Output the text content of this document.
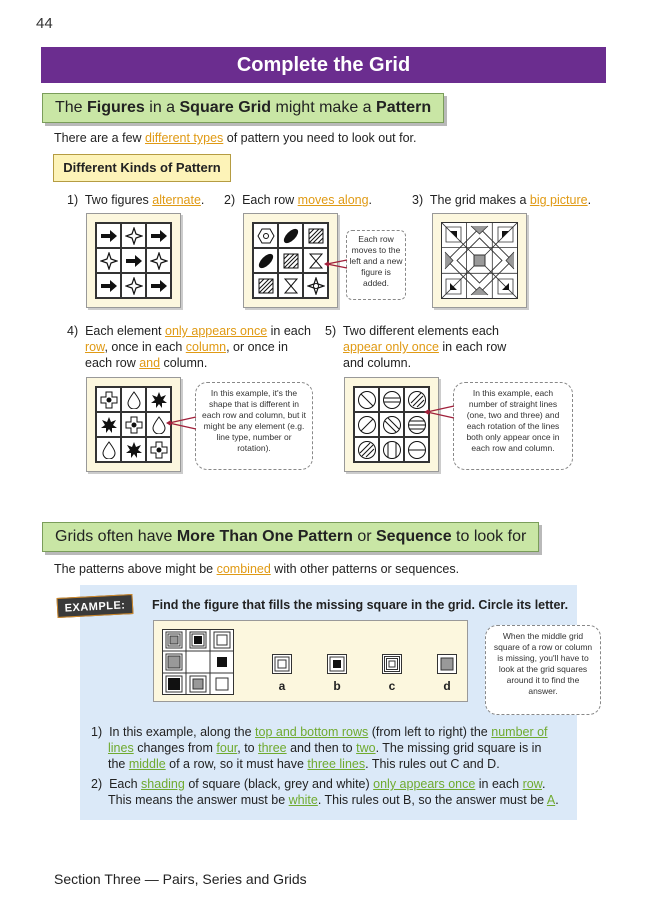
44
Complete the Grid
The Figures in a Square Grid might make a Pattern
There are a few different types of pattern you need to look out for.
Different Kinds of Pattern
1) Two figures alternate. 2) Each row moves along.	3) The grid makes a big picture.
Each row moves to the left and a new figure is added.
4) Each element only appears once in each
row, once in each column, or once in
each row and column.
5) Two different elements each
appear only once in each row
and column.
In this example, it's the shape that is different in each row and column, but it might be any element (e.g. line type, number or rotation).
In this example, each number of straight lines (one, two and three) and each rotation of the lines both only appear once in each row and column.
Grids often have More Than One Pattern or Sequence to look for
The patterns above might be combined with other patterns or sequences.
EXAMPLE:	Find the figure that fills the missing square in the grid. Circle its letter.
a	b	c	d
When the middle grid square of a row or column is missing, you'll have to look at the grid squares around it to find the answer.
1) In this example, along the top and bottom rows (from left to right) the number of
lines changes from four, to three and then to two. The missing grid square is in
the middle of a row, so it must have three lines. This rules out C and D.
2) Each shading of square (black, grey and white) only appears once in each row.
This means the answer must be white. This rules out B, so the answer must be A.
Section Three — Pairs, Series and Grids
